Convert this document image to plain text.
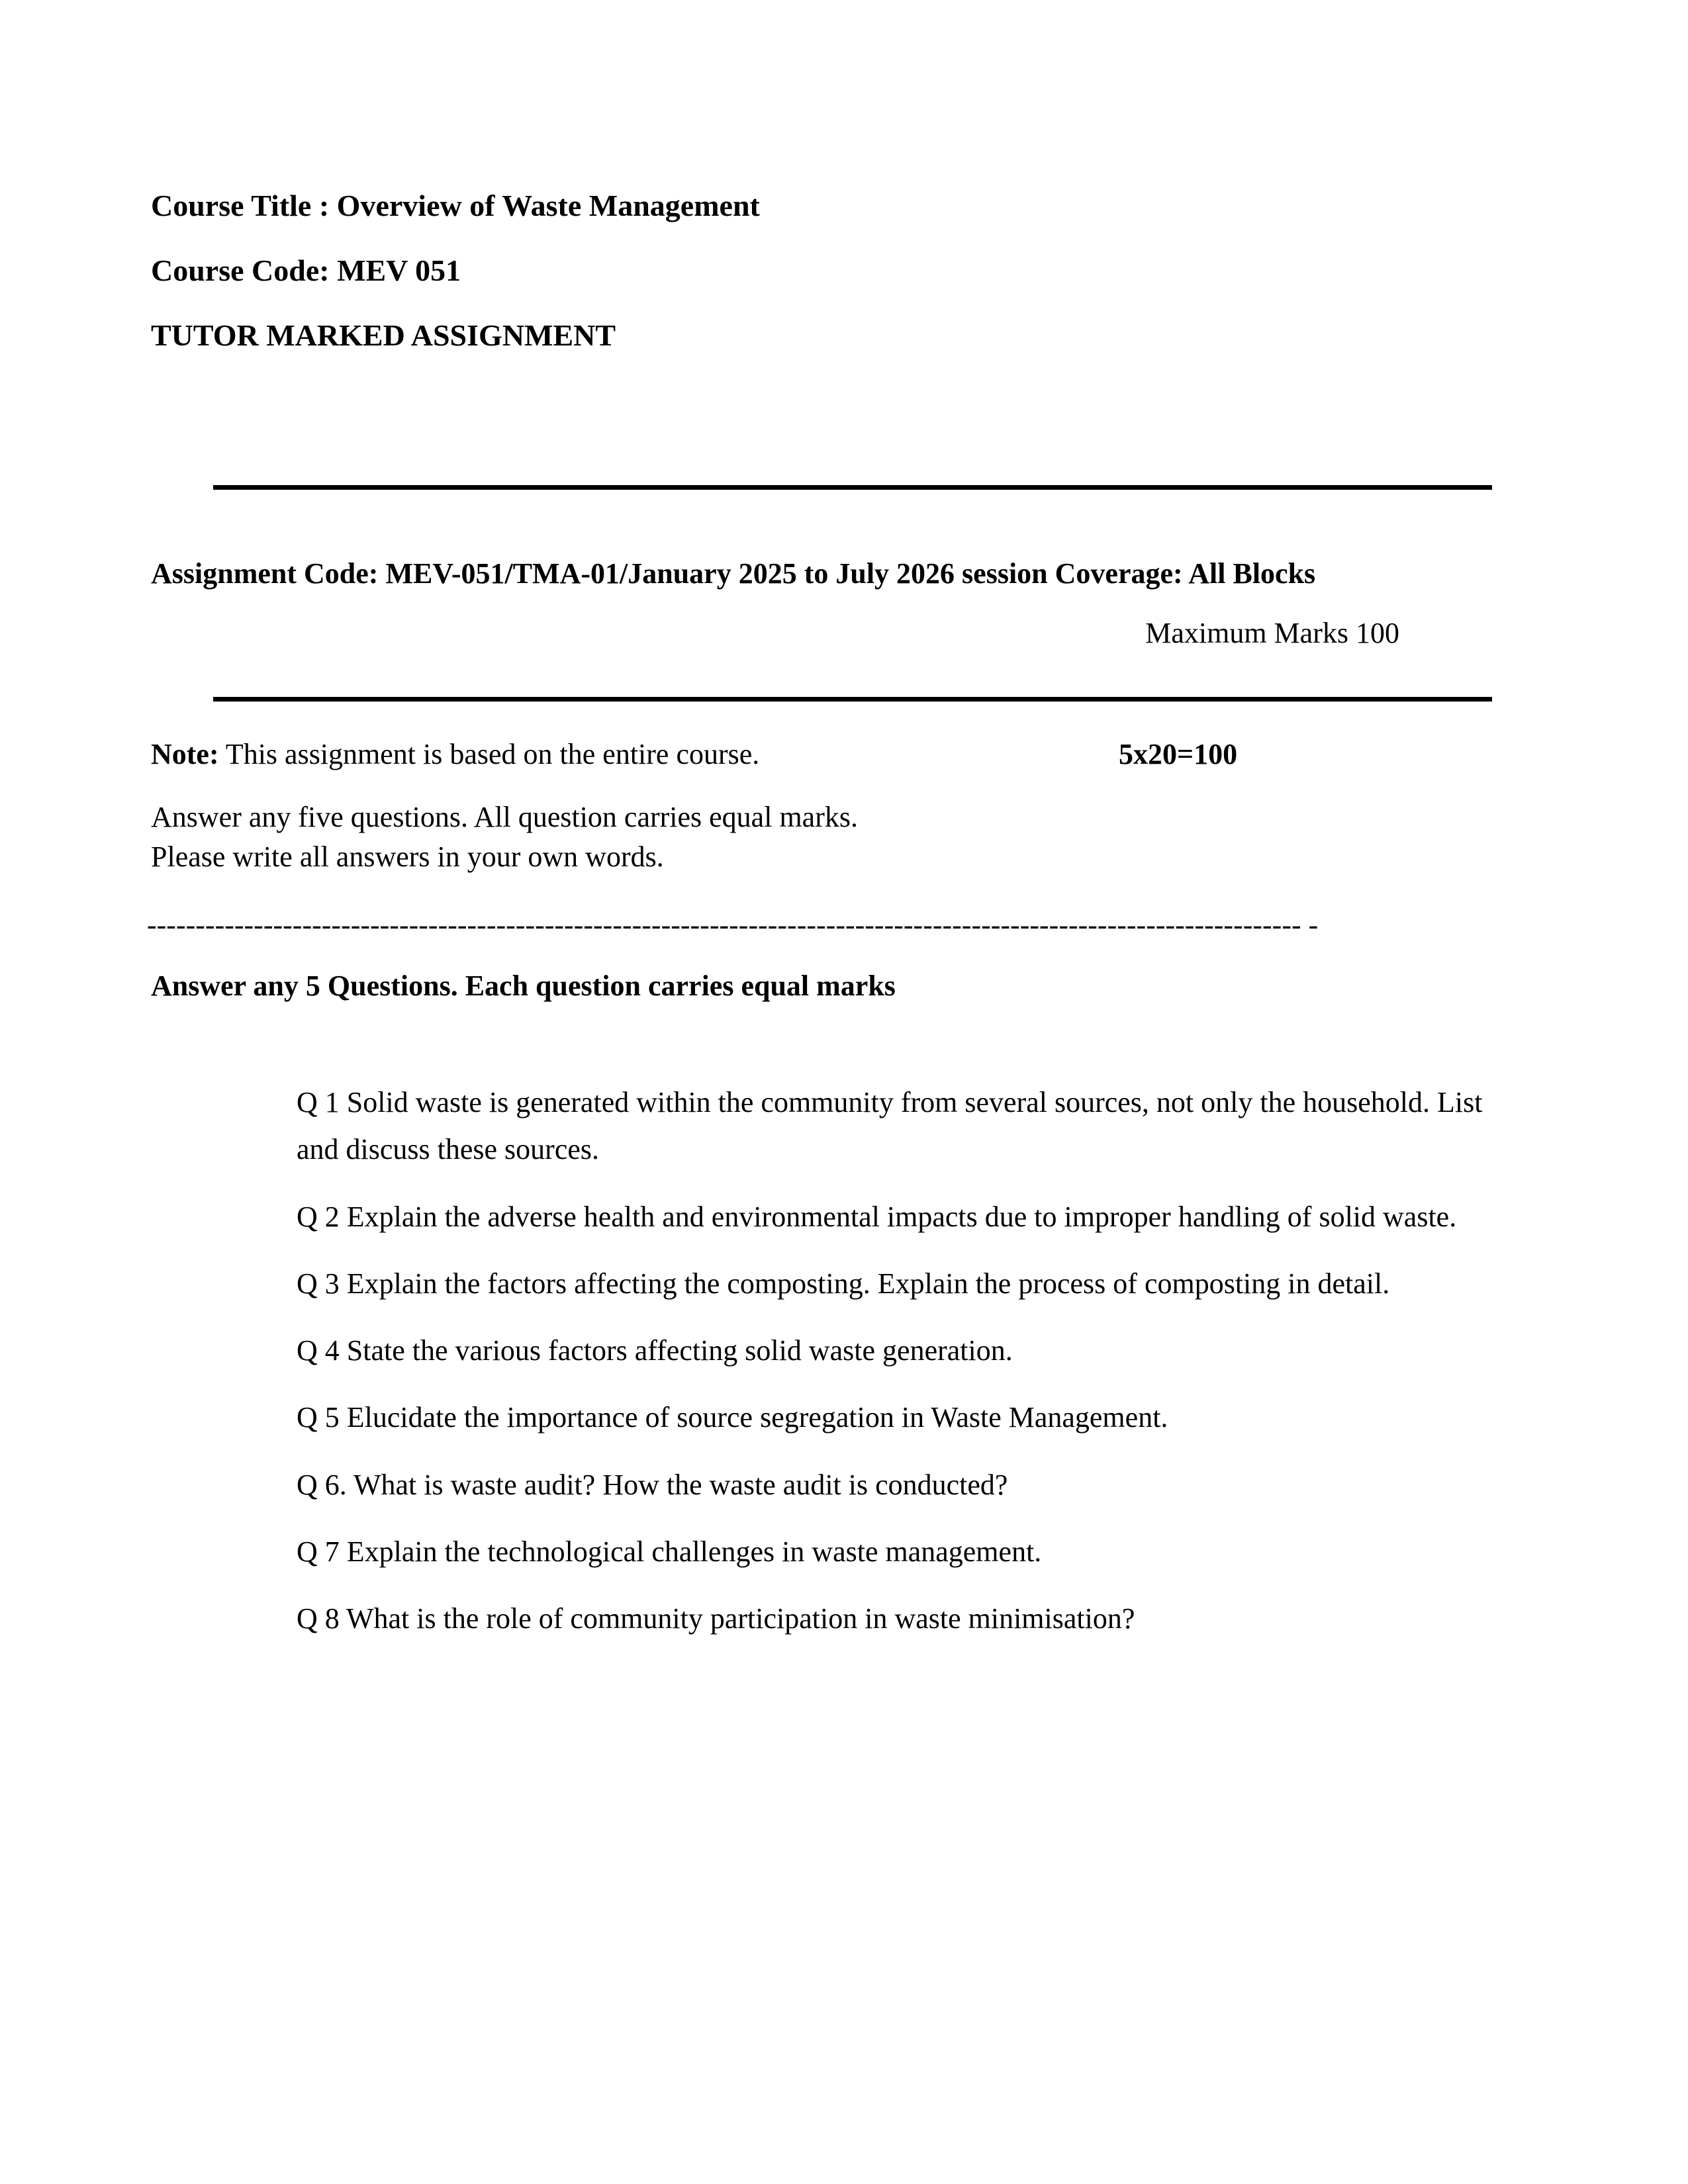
Course Title : Overview of Waste Management
Course Code: MEV 051
TUTOR MARKED ASSIGNMENT
Assignment Code: MEV-051/TMA-01/January 2025 to July 2026 session Coverage: All Blocks
Maximum Marks 100
Note: This assignment is based on the entire course.	5x20=100
Answer any five questions. All question carries equal marks.
Please write all answers in your own words.
----------------------------------------------------------------------------------------------------------------------- -
Answer any 5 Questions. Each question carries equal marks
Q 1 Solid waste is generated within the community from several sources, not only the household. List and discuss these sources.
Q 2 Explain the adverse health and environmental impacts due to improper handling of solid waste.
Q 3 Explain the factors affecting the composting. Explain the process of composting in detail.
Q 4 State the various factors affecting solid waste generation.
Q 5 Elucidate the importance of source segregation in Waste Management.
Q 6. What is waste audit? How the waste audit is conducted?
Q 7 Explain the technological challenges in waste management.
Q 8 What is the role of community participation in waste minimisation?
